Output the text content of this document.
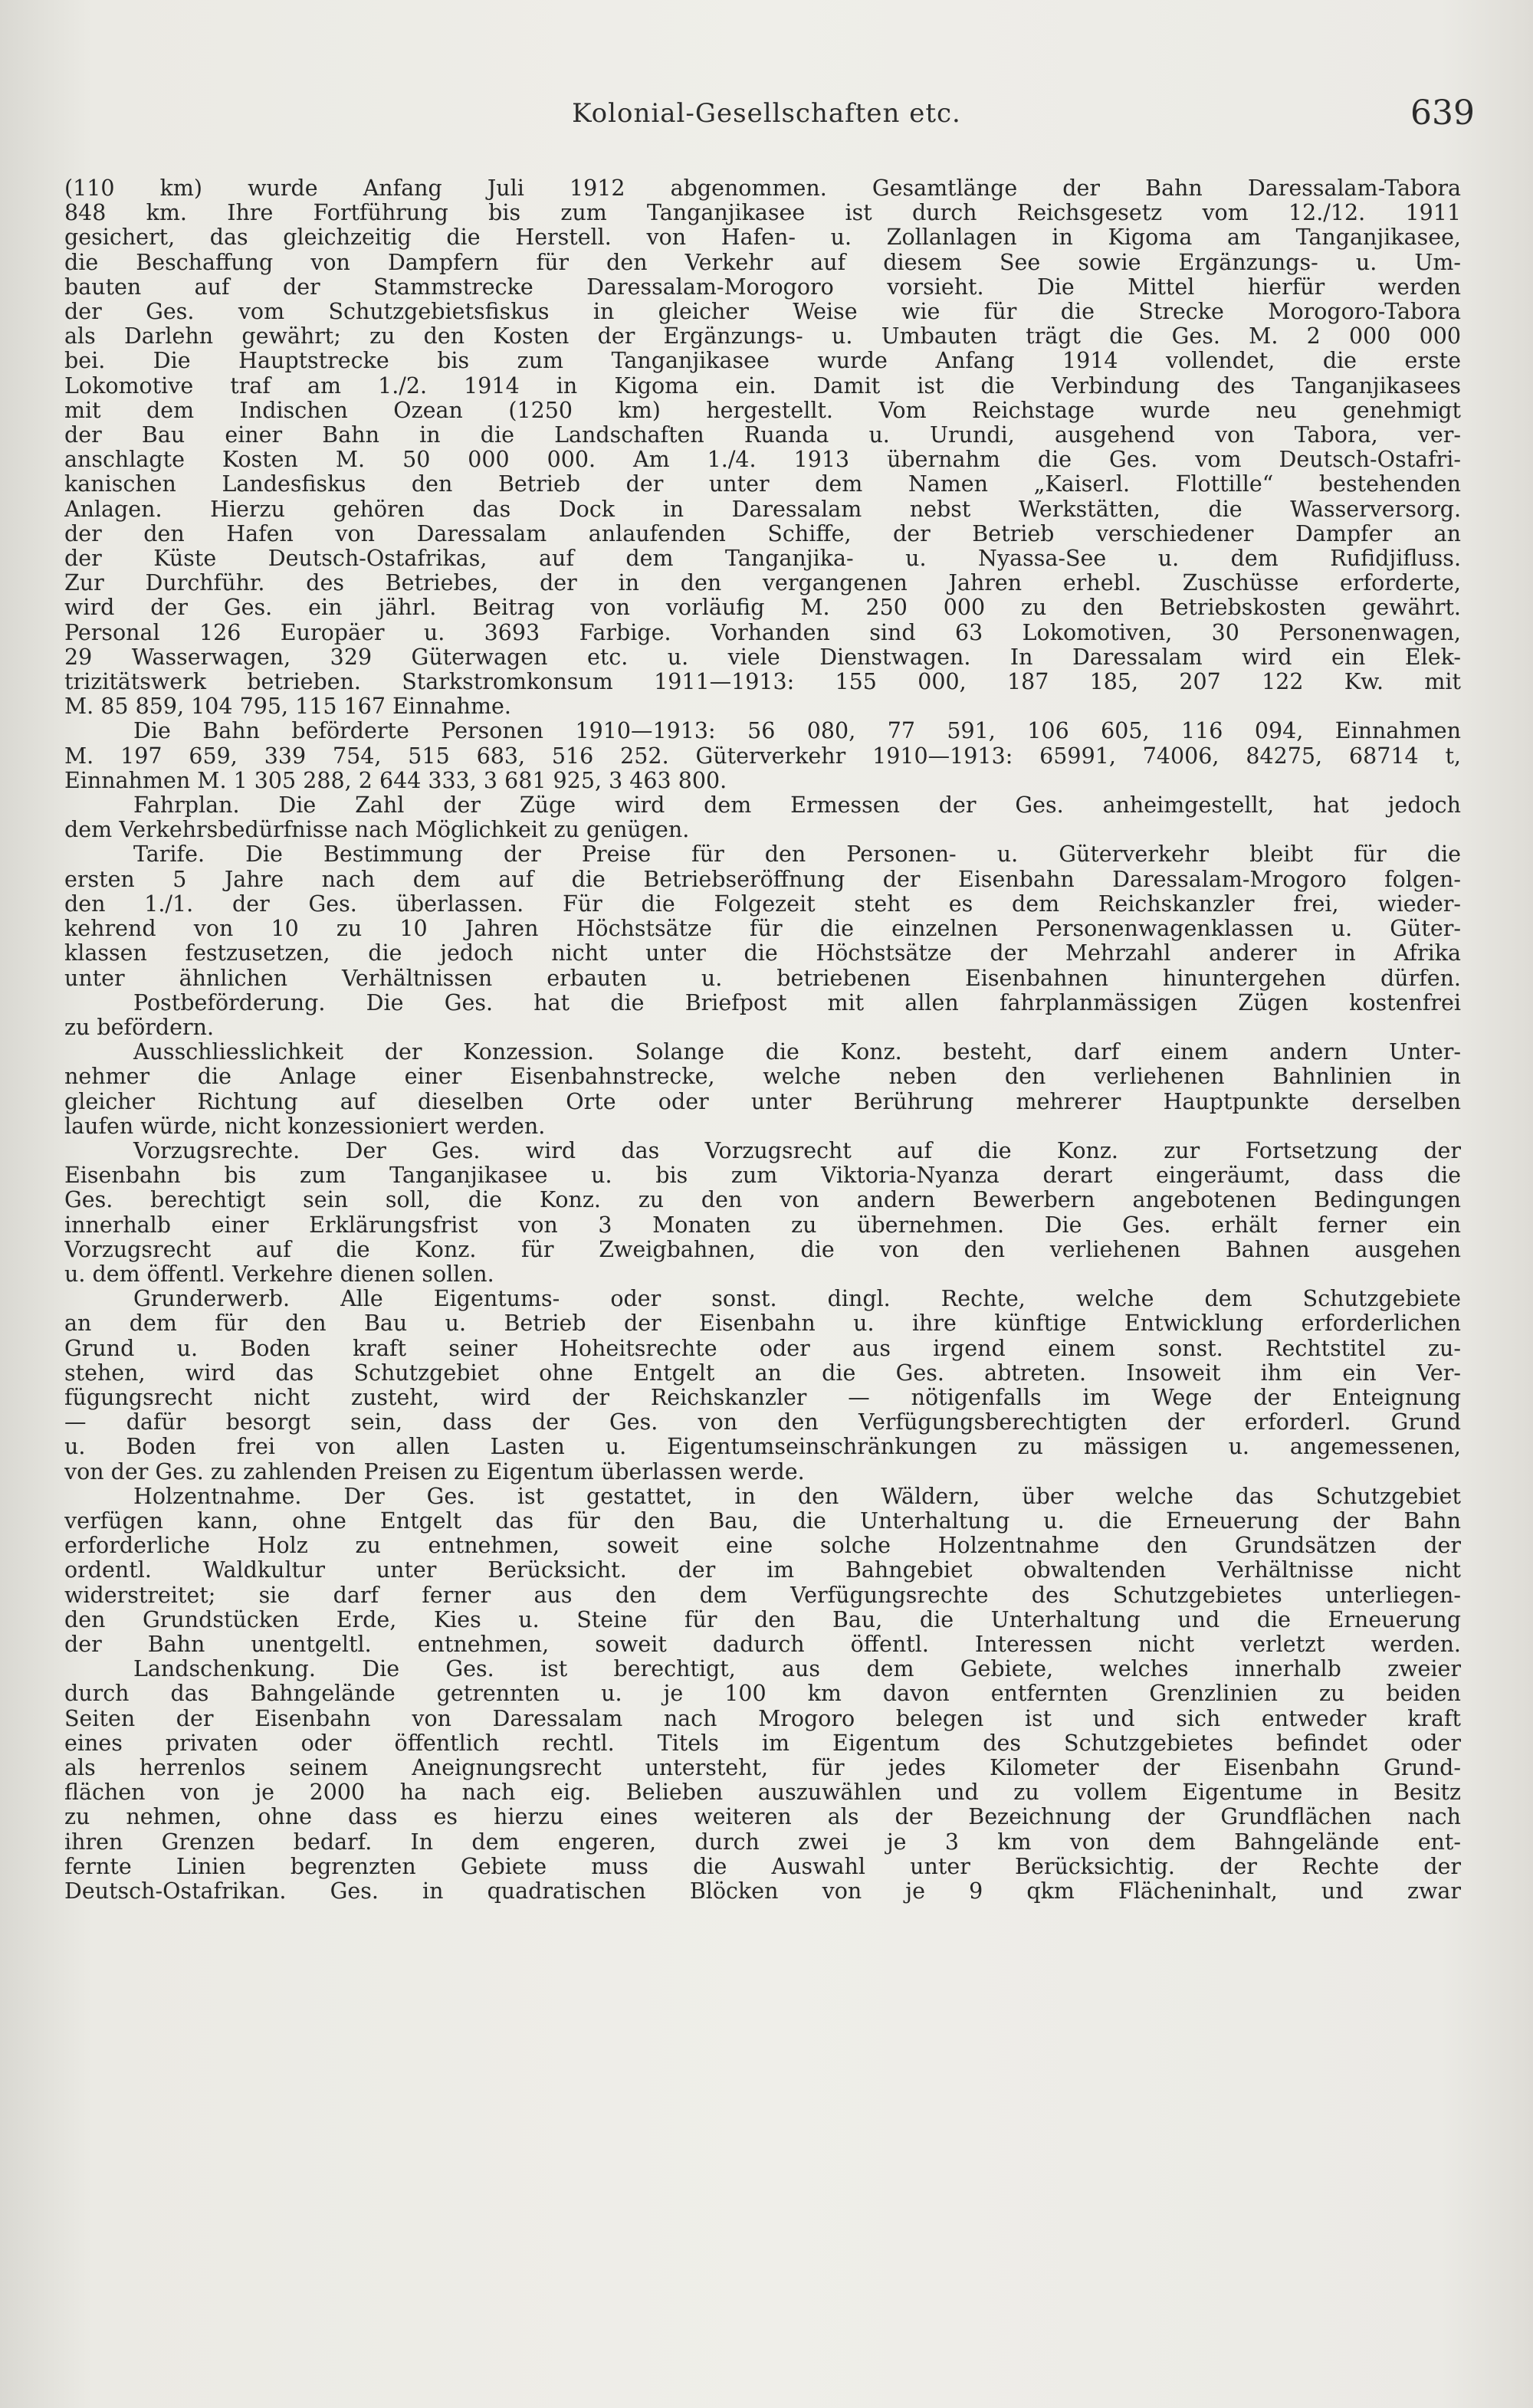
Kolonial-Gesellschaften etc.	639
(110 km) wurde Anfang Juli 1912 abgenommen. Gesamtlänge der Bahn Daressalam-Tabora
848 km. Ihre Fortführung bis zum Tanganjikasee ist durch Reichsgesetz vom 12./12. 1911
gesichert, das gleichzeitig die Herstell. von Hafen- u. Zollanlagen in Kigoma am Tanganjikasee,
die Beschaffung von Dampfern für den Verkehr auf diesem See sowie Ergänzungs- u. Um-
bauten auf der Stammstrecke Daressalam-Morogoro vorsieht. Die Mittel hierfür werden
der Ges. vom Schutzgebietsfiskus in gleicher Weise wie für die Strecke Morogoro-Tabora
als Darlehn gewährt; zu den Kosten der Ergänzungs- u. Umbauten trägt die Ges. M. 2 000 000
bei. Die Hauptstrecke bis zum Tanganjikasee wurde Anfang 1914 vollendet, die erste
Lokomotive traf am 1./2. 1914 in Kigoma ein. Damit ist die Verbindung des Tanganjikasees
mit dem Indischen Ozean (1250 km) hergestellt. Vom Reichstage wurde neu genehmigt
der Bau einer Bahn in die Landschaften Ruanda u. Urundi, ausgehend von Tabora, ver-
anschlagte Kosten M. 50 000 000. Am 1./4. 1913 übernahm die Ges. vom Deutsch-Ostafri-
kanischen Landesfiskus den Betrieb der unter dem Namen „Kaiserl. Flottille“ bestehenden
Anlagen. Hierzu gehören das Dock in Daressalam nebst Werkstätten, die Wasserversorg.
der den Hafen von Daressalam anlaufenden Schiffe, der Betrieb verschiedener Dampfer an
der Küste Deutsch-Ostafrikas, auf dem Tanganjika- u. Nyassa-See u. dem Rufidjifluss.
Zur Durchführ. des Betriebes, der in den vergangenen Jahren erhebl. Zuschüsse erforderte,
wird der Ges. ein jährl. Beitrag von vorläufig M. 250 000 zu den Betriebskosten gewährt.
Personal 126 Europäer u. 3693 Farbige. Vorhanden sind 63 Lokomotiven, 30 Personenwagen,
29 Wasserwagen, 329 Güterwagen etc. u. viele Dienstwagen. In Daressalam wird ein Elek-
trizitätswerk betrieben. Starkstromkonsum 1911—1913: 155 000, 187 185, 207 122 Kw. mit
M. 85 859, 104 795, 115 167 Einnahme.
Die Bahn beförderte Personen 1910—1913: 56 080, 77 591, 106 605, 116 094, Einnahmen
M. 197 659, 339 754, 515 683, 516 252. Güterverkehr 1910—1913: 65991, 74006, 84275, 68714 t,
Einnahmen M. 1 305 288, 2 644 333, 3 681 925, 3 463 800.
Fahrplan. Die Zahl der Züge wird dem Ermessen der Ges. anheimgestellt, hat jedoch
dem Verkehrsbedürfnisse nach Möglichkeit zu genügen.
Tarife. Die Bestimmung der Preise für den Personen- u. Güterverkehr bleibt für die
ersten 5 Jahre nach dem auf die Betriebseröffnung der Eisenbahn Daressalam-Mrogoro folgen-
den 1./1. der Ges. überlassen. Für die Folgezeit steht es dem Reichskanzler frei, wieder-
kehrend von 10 zu 10 Jahren Höchstsätze für die einzelnen Personenwagenklassen u. Güter-
klassen festzusetzen, die jedoch nicht unter die Höchstsätze der Mehrzahl anderer in Afrika
unter ähnlichen Verhältnissen erbauten u. betriebenen Eisenbahnen hinuntergehen dürfen.
Postbeförderung. Die Ges. hat die Briefpost mit allen fahrplanmässigen Zügen kostenfrei
zu befördern.
Ausschliesslichkeit der Konzession. Solange die Konz. besteht, darf einem andern Unter-
nehmer die Anlage einer Eisenbahnstrecke, welche neben den verliehenen Bahnlinien in
gleicher Richtung auf dieselben Orte oder unter Berührung mehrerer Hauptpunkte derselben
laufen würde, nicht konzessioniert werden.
Vorzugsrechte. Der Ges. wird das Vorzugsrecht auf die Konz. zur Fortsetzung der
Eisenbahn bis zum Tanganjikasee u. bis zum Viktoria-Nyanza derart eingeräumt, dass die
Ges. berechtigt sein soll, die Konz. zu den von andern Bewerbern angebotenen Bedingungen
innerhalb einer Erklärungsfrist von 3 Monaten zu übernehmen. Die Ges. erhält ferner ein
Vorzugsrecht auf die Konz. für Zweigbahnen, die von den verliehenen Bahnen ausgehen
u. dem öffentl. Verkehre dienen sollen.
Grunderwerb. Alle Eigentums- oder sonst. dingl. Rechte, welche dem Schutzgebiete
an dem für den Bau u. Betrieb der Eisenbahn u. ihre künftige Entwicklung erforderlichen
Grund u. Boden kraft seiner Hoheitsrechte oder aus irgend einem sonst. Rechtstitel zu-
stehen, wird das Schutzgebiet ohne Entgelt an die Ges. abtreten. Insoweit ihm ein Ver-
fügungsrecht nicht zusteht, wird der Reichskanzler — nötigenfalls im Wege der Enteignung
— dafür besorgt sein, dass der Ges. von den Verfügungsberechtigten der erforderl. Grund
u. Boden frei von allen Lasten u. Eigentumseinschränkungen zu mässigen u. angemessenen,
von der Ges. zu zahlenden Preisen zu Eigentum überlassen werde.
Holzentnahme. Der Ges. ist gestattet, in den Wäldern, über welche das Schutzgebiet
verfügen kann, ohne Entgelt das für den Bau, die Unterhaltung u. die Erneuerung der Bahn
erforderliche Holz zu entnehmen, soweit eine solche Holzentnahme den Grundsätzen der
ordentl. Waldkultur unter Berücksicht. der im Bahngebiet obwaltenden Verhältnisse nicht
widerstreitet; sie darf ferner aus den dem Verfügungsrechte des Schutzgebietes unterliegen-
den Grundstücken Erde, Kies u. Steine für den Bau, die Unterhaltung und die Erneuerung
der Bahn unentgeltl. entnehmen, soweit dadurch öffentl. Interessen nicht verletzt werden.
Landschenkung. Die Ges. ist berechtigt, aus dem Gebiete, welches innerhalb zweier
durch das Bahngelände getrennten u. je 100 km davon entfernten Grenzlinien zu beiden
Seiten der Eisenbahn von Daressalam nach Mrogoro belegen ist und sich entweder kraft
eines privaten oder öffentlich rechtl. Titels im Eigentum des Schutzgebietes befindet oder
als herrenlos seinem Aneignungsrecht untersteht, für jedes Kilometer der Eisenbahn Grund-
flächen von je 2000 ha nach eig. Belieben auszuwählen und zu vollem Eigentume in Besitz
zu nehmen, ohne dass es hierzu eines weiteren als der Bezeichnung der Grundflächen nach
ihren Grenzen bedarf. In dem engeren, durch zwei je 3 km von dem Bahngelände ent-
fernte Linien begrenzten Gebiete muss die Auswahl unter Berücksichtig. der Rechte der
Deutsch-Ostafrikan. Ges. in quadratischen Blöcken von je 9 qkm Flächeninhalt, und zwar
